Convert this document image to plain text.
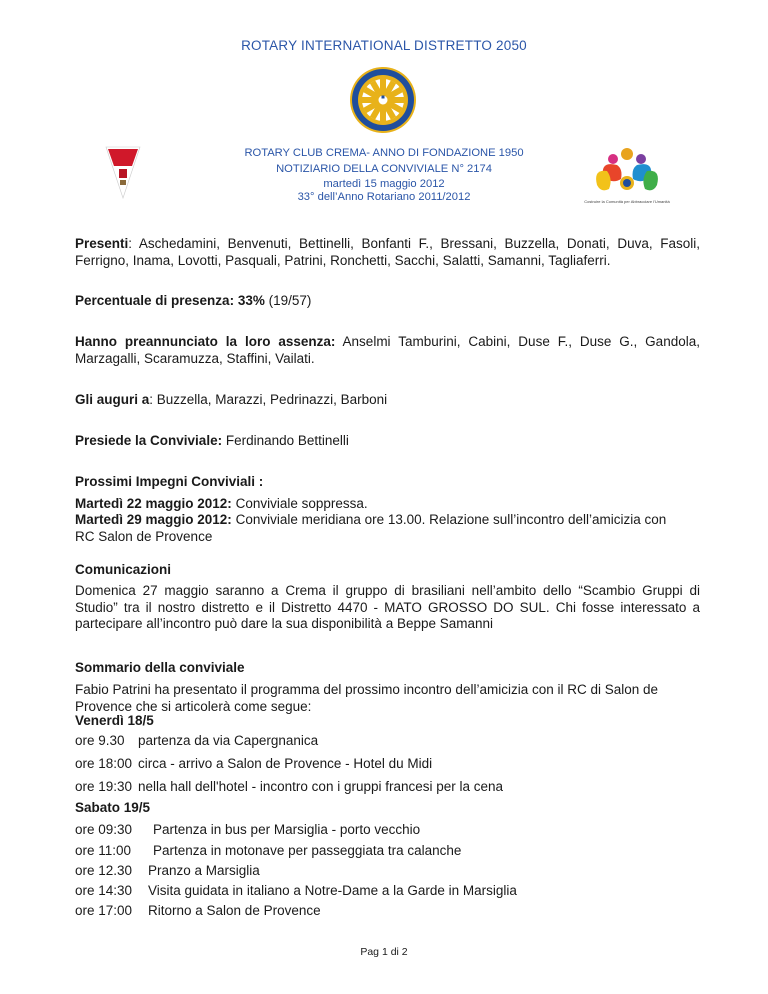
ROTARY INTERNATIONAL DISTRETTO 2050
Costruire la Comunità per Abbracciare l'Umanità
ROTARY CLUB CREMA- ANNO DI FONDAZIONE 1950
NOTIZIARIO DELLA CONVIVIALE N° 2174
martedì 15 maggio 2012
33° dell’Anno Rotariano 2011/2012
Presenti: Aschedamini, Benvenuti, Bettinelli, Bonfanti F., Bressani, Buzzella, Donati, Duva, Fasoli, Ferrigno, Inama, Lovotti, Pasquali, Patrini, Ronchetti, Sacchi, Salatti, Samanni, Tagliaferri.
Percentuale di presenza: 33% (19/57)
Hanno preannunciato la loro assenza: Anselmi Tamburini, Cabini, Duse F., Duse G., Gandola, Marzagalli, Scaramuzza, Staffini, Vailati.
Gli auguri a: Buzzella, Marazzi, Pedrinazzi, Barboni
Presiede la Conviviale: Ferdinando Bettinelli
Prossimi Impegni Conviviali :
Martedì 22 maggio 2012: Conviviale soppressa.
Martedì 29 maggio 2012: Conviviale meridiana ore 13.00. Relazione sull’incontro dell’amicizia con RC Salon de Provence
Comunicazioni
Domenica 27 maggio saranno a Crema il gruppo di brasiliani nell’ambito dello “Scambio Gruppi di Studio” tra il nostro distretto e il Distretto 4470 - MATO GROSSO DO SUL. Chi fosse interessato a partecipare all’incontro può dare la sua disponibilità a Beppe Samanni
Sommario della conviviale
Fabio Patrini ha presentato il programma del prossimo incontro dell’amicizia con il RC di Salon de Provence che si articolerà come segue:
Venerdì 18/5
ore 9.30 partenza da via Capergnanica
ore 18:00 circa - arrivo a Salon de Provence - Hotel du Midi
ore 19:30 nella hall dell'hotel - incontro con i gruppi francesi per la cena
Sabato 19/5
ore 09:30 Partenza in bus per Marsiglia - porto vecchio
ore 11:00 Partenza in motonave per passeggiata tra calanche
ore 12.30 Pranzo a Marsiglia
ore 14:30 Visita guidata in italiano a Notre-Dame a la Garde in Marsiglia
ore 17:00 Ritorno a Salon de Provence
Pag 1 di 2
